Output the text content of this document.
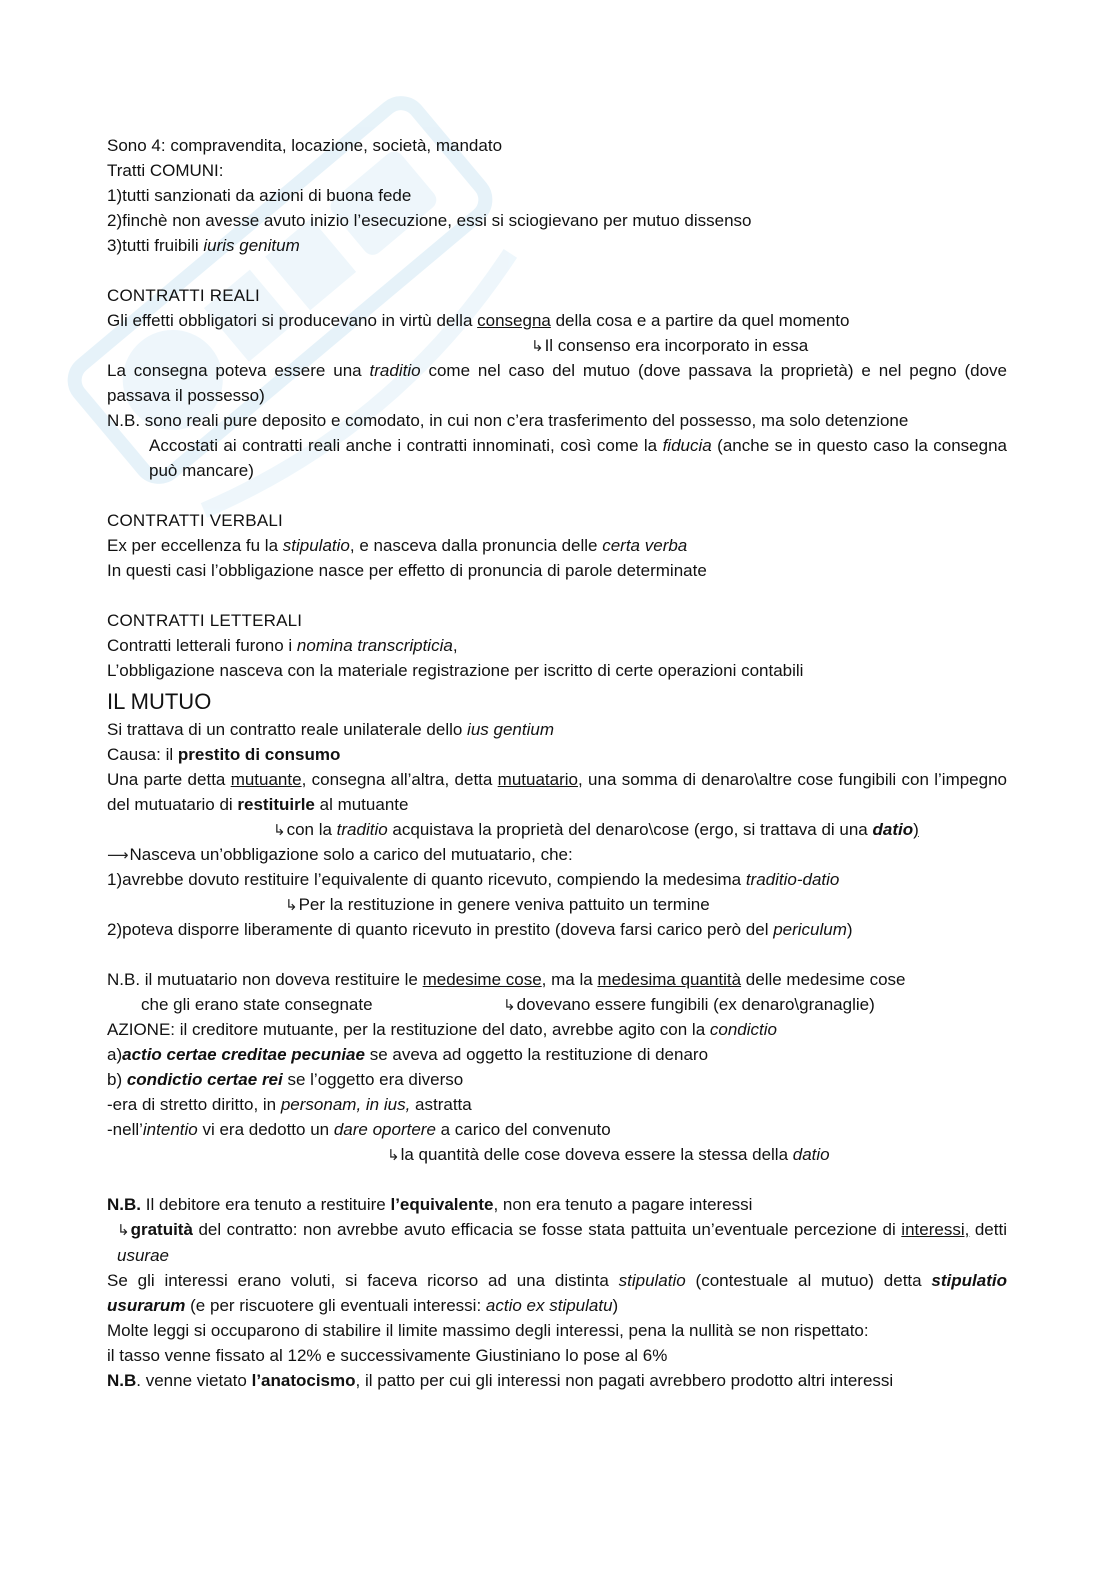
Sono 4: compravendita, locazione, società, mandato
Tratti COMUNI:
1)tutti sanzionati da azioni di buona fede
2)finchè non avesse avuto inizio l’esecuzione, essi si sciogievano per mutuo dissenso
3)tutti fruibili iuris genitum
CONTRATTI REALI
Gli effetti obbligatori si producevano in virtù della consegna della cosa e a partire da quel momento
↳Il consenso era incorporato in essa
La consegna poteva essere una traditio come nel caso del mutuo (dove passava la proprietà) e nel pegno (dove passava il possesso)
N.B. sono reali pure deposito e comodato, in cui non c’era trasferimento del possesso, ma solo detenzione
Accostati ai contratti reali anche i contratti innominati, così come la fiducia (anche se in questo caso la consegna può mancare)
CONTRATTI VERBALI
Ex per eccellenza fu la stipulatio, e nasceva dalla pronuncia delle certa verba
In questi casi l’obbligazione nasce per effetto di pronuncia di parole determinate
CONTRATTI LETTERALI
Contratti letterali furono i nomina transcripticia,
L’obbligazione nasceva con la materiale registrazione per iscritto di certe operazioni contabili
IL MUTUO
Si trattava di un contratto reale unilaterale dello ius gentium
Causa: il prestito di consumo
Una parte detta mutuante, consegna all’altra, detta mutuatario, una somma di denaro\altre cose fungibili con l’impegno del mutuatario di restituirle al mutuante
↳con la traditio acquistava la proprietà del denaro\cose (ergo, si trattava di una datio)
⟶Nasceva un’obbligazione solo a carico del mutuatario, che:
1)avrebbe dovuto restituire l’equivalente di quanto ricevuto, compiendo la medesima traditio-datio
↳Per la restituzione in genere veniva pattuito un termine
2)poteva disporre liberamente di quanto ricevuto in prestito (doveva farsi carico però del periculum)
N.B. il mutuatario non doveva restituire le medesime cose, ma la medesima quantità delle medesime cose
che gli erano state consegnate	↳dovevano essere fungibili (ex denaro\granaglie)
AZIONE: il creditore mutuante, per la restituzione del dato, avrebbe agito con la condictio
a)actio certae creditae pecuniae se aveva ad oggetto la restituzione di denaro
b) condictio certae rei se l’oggetto era diverso
-era di stretto diritto, in personam, in ius, astratta
-nell’intentio vi era dedotto un dare oportere a carico del convenuto
↳la quantità delle cose doveva essere la stessa della datio
N.B. Il debitore era tenuto a restituire l’equivalente, non era tenuto a pagare interessi
↳gratuità del contratto: non avrebbe avuto efficacia se fosse stata pattuita un’eventuale percezione di interessi, detti usurae
Se gli interessi erano voluti, si faceva ricorso ad una distinta stipulatio (contestuale al mutuo) detta stipulatio usurarum (e per riscuotere gli eventuali interessi: actio ex stipulatu)
Molte leggi si occuparono di stabilire il limite massimo degli interessi, pena la nullità se non rispettato:
il tasso venne fissato al 12% e successivamente Giustiniano lo pose al 6%
N.B. venne vietato l’anatocismo, il patto per cui gli interessi non pagati avrebbero prodotto altri interessi
